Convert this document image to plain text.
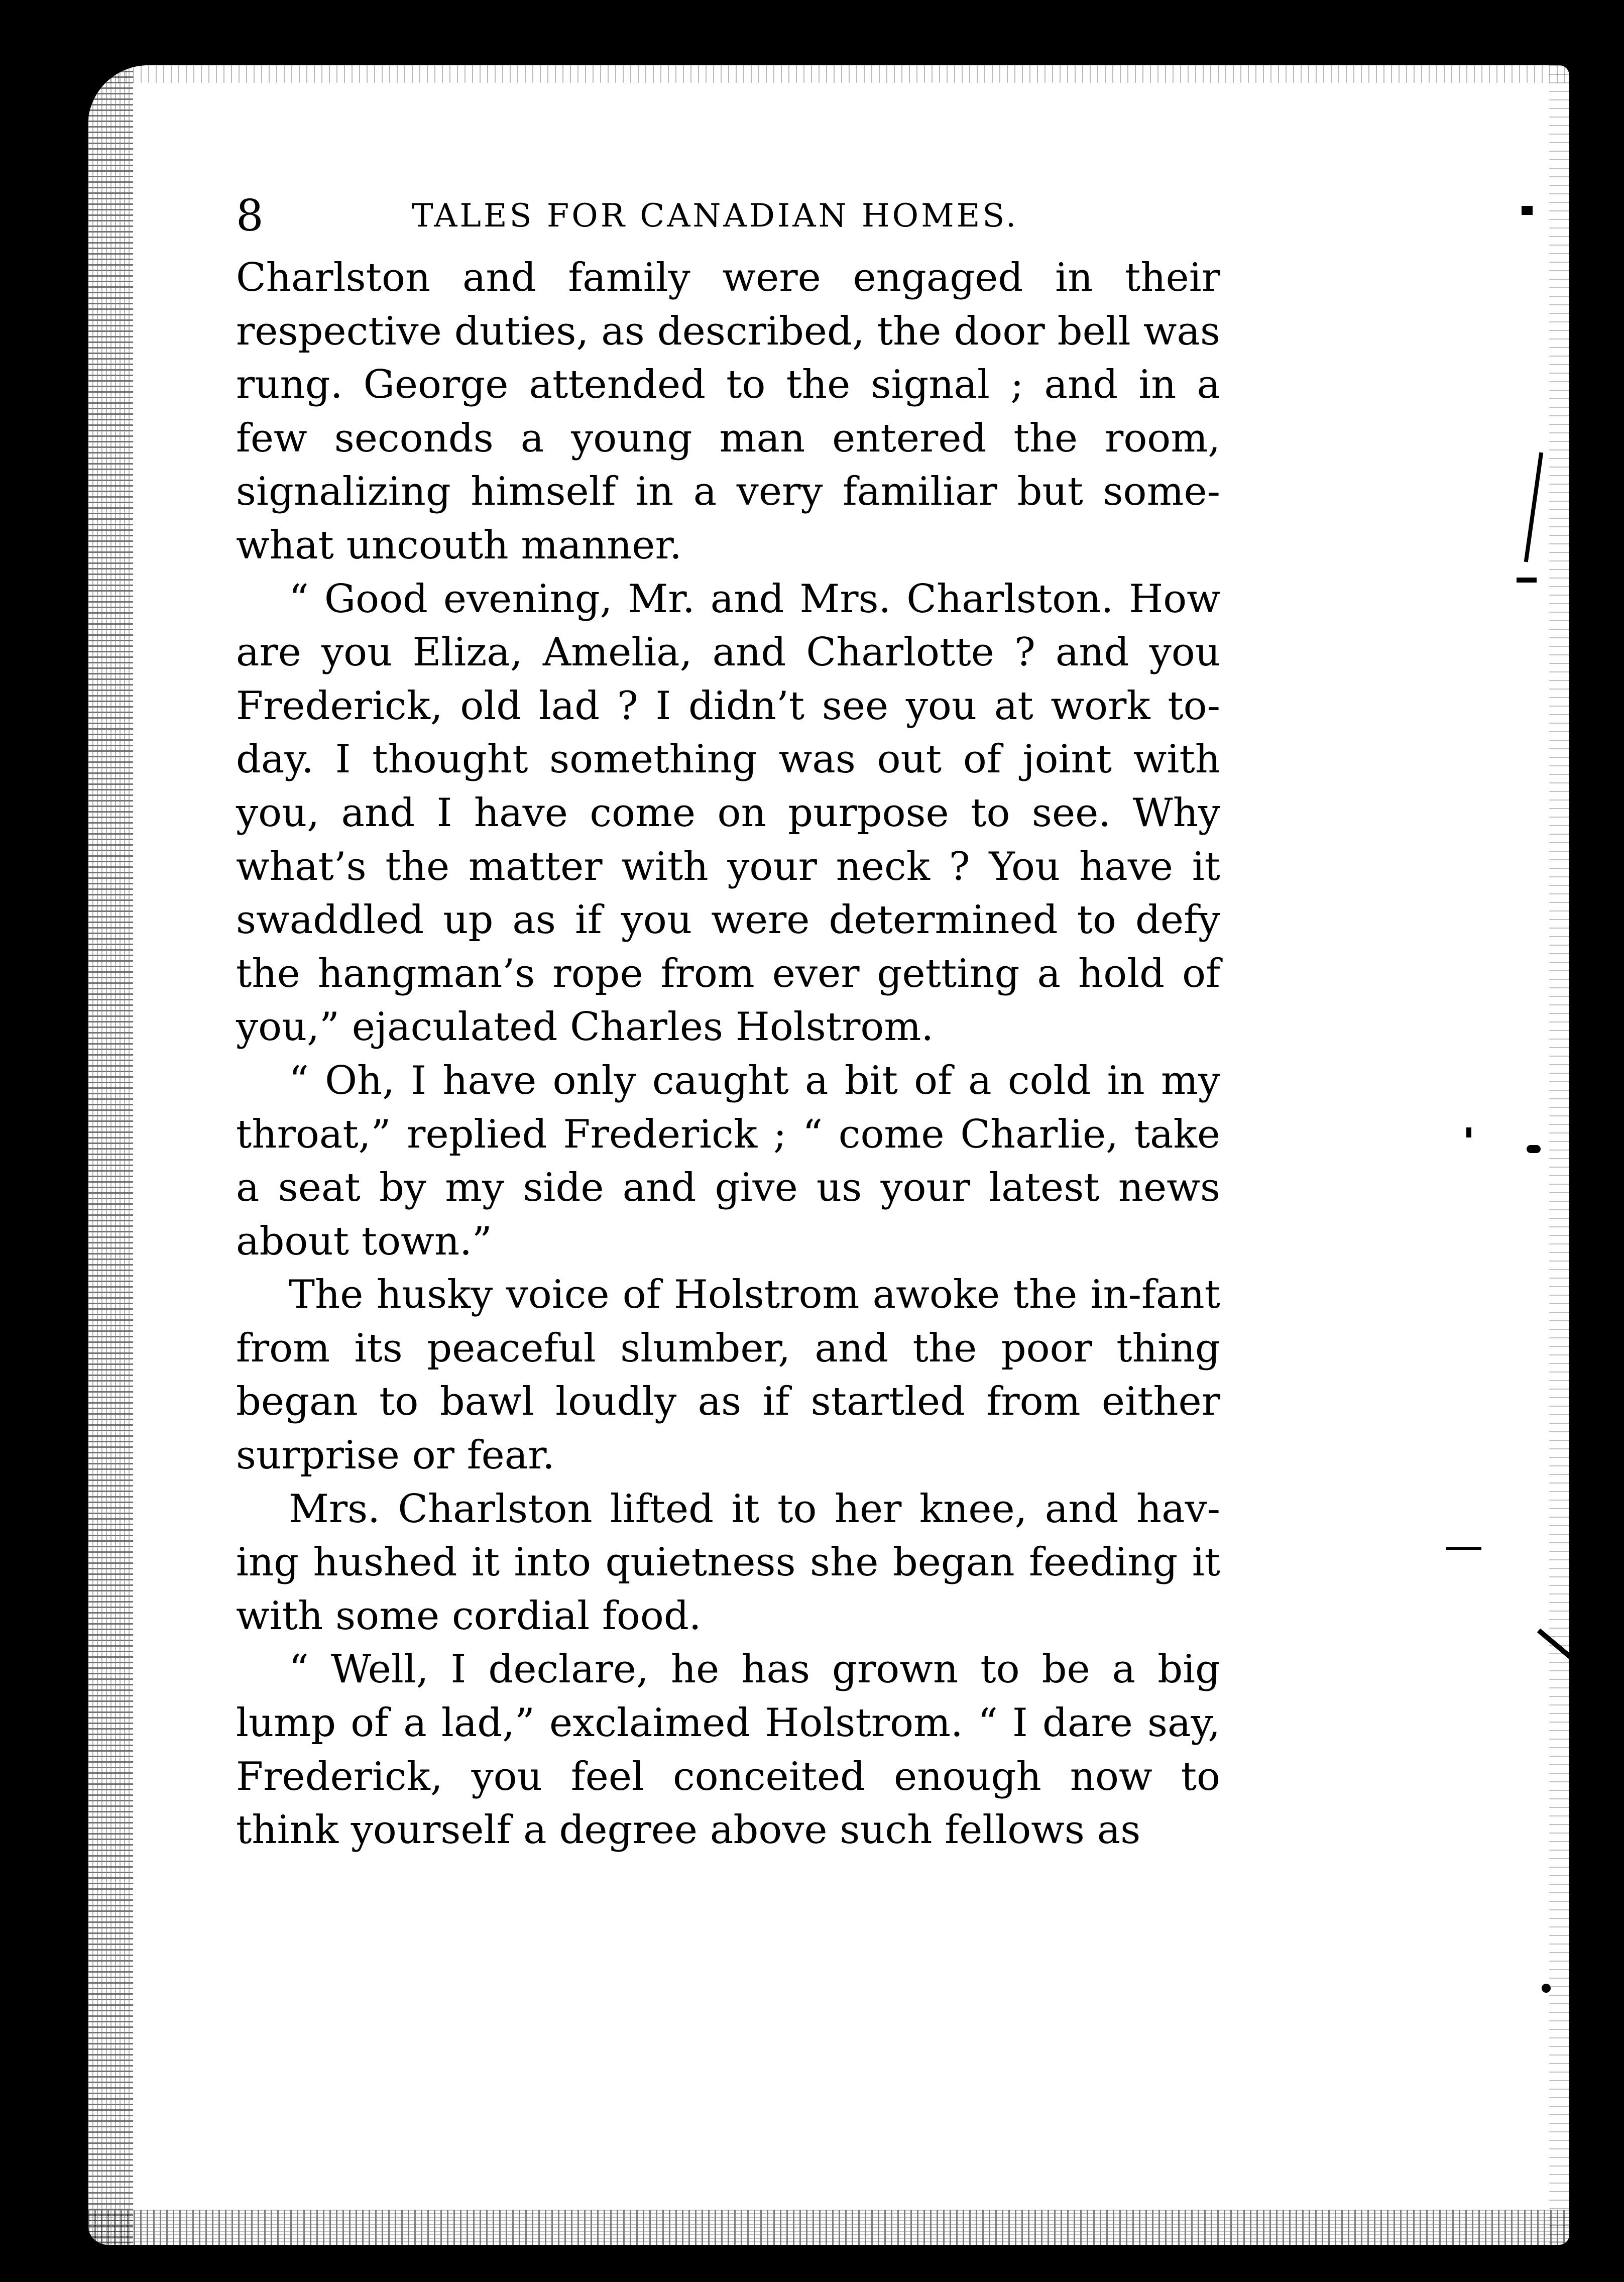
8	TALES FOR CANADIAN HOMES.

Charlston and family were engaged in their respective duties, as described, the door bell was rung. George attended to the signal ; and in a few seconds a young man entered the room, signalizing himself in a very familiar but some-what uncouth manner.

“ Good evening, Mr. and Mrs. Charlston. How are you Eliza, Amelia, and Charlotte ? and you Frederick, old lad ? I didn’t see you at work to-day. I thought something was out of joint with you, and I have come on purpose to see. Why what’s the matter with your neck ? You have it swaddled up as if you were determined to defy the hangman’s rope from ever getting a hold of you,” ejaculated Charles Holstrom.

“ Oh, I have only caught a bit of a cold in my throat,” replied Frederick ; “ come Charlie, take a seat by my side and give us your latest news about town.”

The husky voice of Holstrom awoke the in-fant from its peaceful slumber, and the poor thing began to bawl loudly as if startled from either surprise or fear.

Mrs. Charlston lifted it to her knee, and hav-ing hushed it into quietness she began feeding it with some cordial food.

“ Well, I declare, he has grown to be a big lump of a lad,” exclaimed Holstrom. “ I dare say, Frederick, you feel conceited enough now to think yourself a degree above such fellows as
